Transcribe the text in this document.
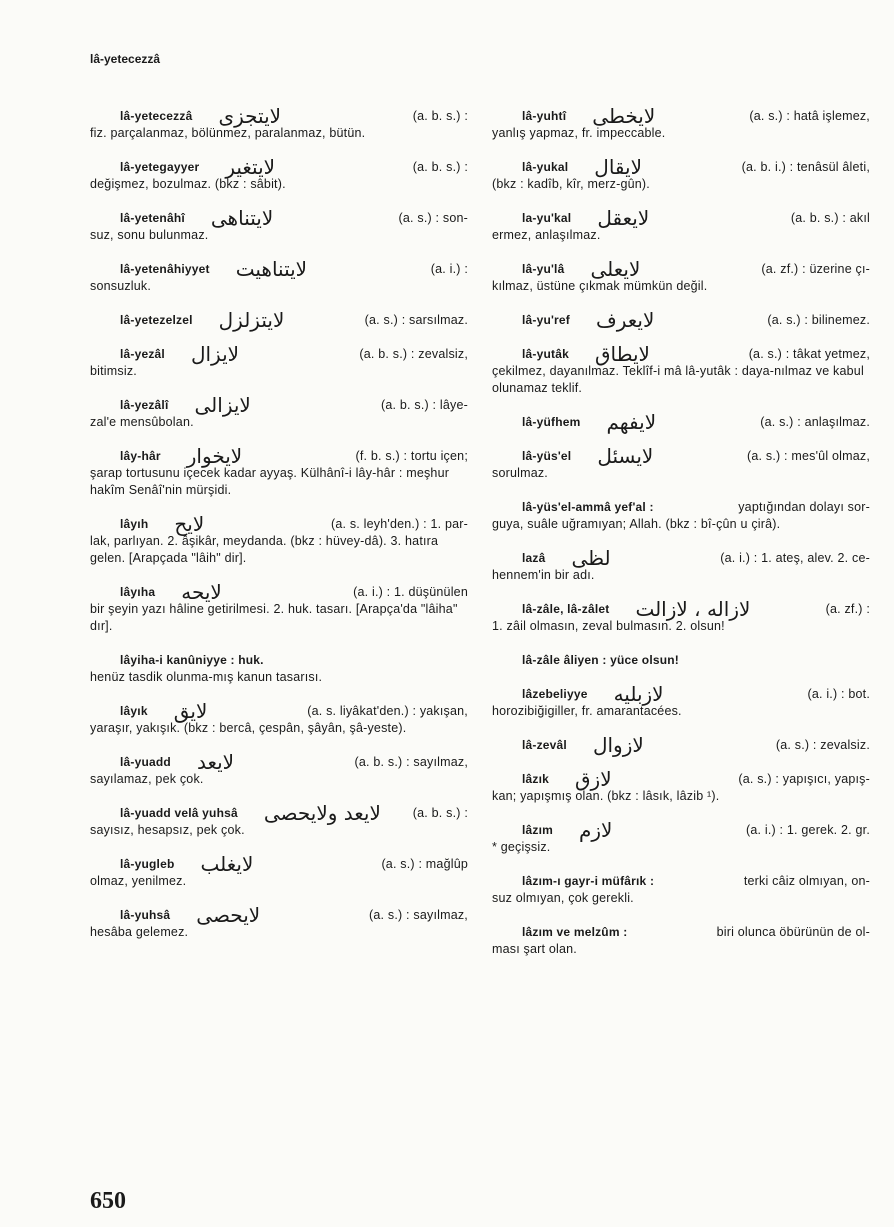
lâ-yetecezzâ
lâ-yetecezzâ لايتجزى	(a. b. s.) :
fiz. parçalanmaz, bölünmez, paralanmaz, bütün.
lâ-yetegayyer لايتغير	(a. b. s.) :
değişmez, bozulmaz. (bkz : sâbit).
lâ-yetenâhî لايتناهى	(a. s.) : son-
suz, sonu bulunmaz.
lâ-yetenâhiyyet لايتناهيت	(a. i.) :
sonsuzluk.
lâ-yetezelzel لايتزلزل	(a. s.) : sarsılmaz.
lâ-yezâl لايزال	(a. b. s.) : zevalsiz,
bitimsiz.
lâ-yezâlî لايزالى	(a. b. s.) : lâye-
zal'e mensûbolan.
lây-hâr لايخوار	(f. b. s.) : tortu içen;
şarap tortusunu içecek kadar ayyaş. Külhânî-i lây-hâr : meşhur hakîm Senâî'nin mürşidi.
lâyıh لايح	(a. s. leyh'den.) : 1. par-
lak, parlıyan. 2. âşikâr, meydanda. (bkz : hüvey-dâ). 3. hatıra gelen. [Arapçada "lâih" dir].
lâyıha لايحه	(a. i.) : 1. düşünülen
bir şeyin yazı hâline getirilmesi. 2. huk. tasarı. [Arapça'da "lâiha" dır].
lâyiha-i kanûniyye : huk.
henüz tasdik olunma-mış kanun tasarısı.
lâyık لايق	(a. s. liyâkat'den.) : yakışan,
yaraşır, yakışık. (bkz : bercâ, çespân, şâyân, şâ-yeste).
lâ-yuadd لايعد	(a. b. s.) : sayılmaz,
sayılamaz, pek çok.
lâ-yuadd velâ yuhsâ لايعد ولايحصى	(a. b. s.) :
sayısız, hesapsız, pek çok.
lâ-yugleb لايغلب	(a. s.) : mağlûp
olmaz, yenilmez.
lâ-yuhsâ لايحصى	(a. s.) : sayılmaz,
hesâba gelemez.
lâ-yuhtî لايخطى	(a. s.) : hatâ işlemez,
yanlış yapmaz, fr. impeccable.
lâ-yukal لايقال	(a. b. i.) : tenâsül âleti,
(bkz : kadîb, kîr, merz-gûn).
la-yu'kal لايعقل	(a. b. s.) : akıl
ermez, anlaşılmaz.
lâ-yu'lâ لايعلى	(a. zf.) : üzerine çı-
kılmaz, üstüne çıkmak mümkün değil.
lâ-yu'ref لايعرف	(a. s.) : bilinemez.
lâ-yutâk لايطاق	(a. s.) : tâkat yetmez,
çekilmez, dayanılmaz. Teklîf-i mâ lâ-yutâk : daya-nılmaz ve kabul olunamaz teklif.
lâ-yüfhem لايفهم	(a. s.) : anlaşılmaz.
lâ-yüs'el لايسئل	(a. s.) : mes'ûl olmaz,
sorulmaz.
lâ-yüs'el-ammâ yef'al :	yaptığından dolayı sor-
guya, suâle uğramıyan; Allah. (bkz : bî-çûn u çirâ).
lazâ لظى	(a. i.) : 1. ateş, alev. 2. ce-
hennem'in bir adı.
lâ-zâle, lâ-zâlet لازاله ، لازالت	(a. zf.) :
1. zâil olmasın, zeval bulmasın. 2. olsun!
lâ-zâle âliyen : yüce olsun!
lâzebeliyye لازبليه	(a. i.) : bot.
horozibiğigiller, fr. amarantacées.
lâ-zevâl لازوال	(a. s.) : zevalsiz.
lâzık لازق	(a. s.) : yapışıcı, yapış-
kan; yapışmış olan. (bkz : lâsık, lâzib ¹).
lâzım لازم	(a. i.) : 1. gerek. 2. gr.
* geçişsiz.
lâzım-ı gayr-i müfârık :	terki câiz olmıyan, on-
suz olmıyan, çok gerekli.
lâzım ve melzûm :	biri olunca öbürünün de ol-
ması şart olan.
650
